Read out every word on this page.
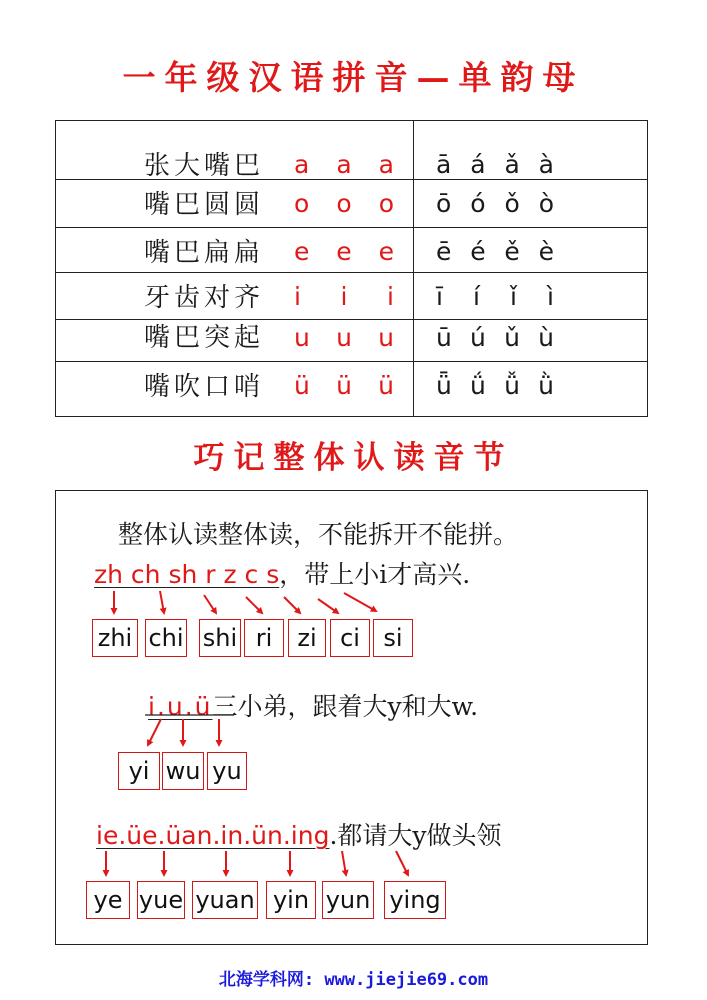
一年级汉语拼音—单韵母
张大嘴巴 a a a ā á ǎ à
嘴巴圆圆 o o o ō ó ǒ ò
嘴巴扁扁 e e e ē é ě è
牙齿对齐 i i i ī í ǐ ì
嘴巴突起 u u u ū ú ǔ ù
嘴吹口哨 ü ü ü ǖ ǘ ǚ ǜ
巧记整体认读音节
整体认读整体读，不能拆开不能拼。
zh ch sh r z c s，带上小i才高兴.
zhi chi shi ri	zi ci si
i.u.ü三小弟，跟着大y和大w.
yi wu yu
ie.üe.üan.in.ün.ing.都请大y做头领
ye yue yuan yin yun ying
北海学科网: www.jiejie69.com
